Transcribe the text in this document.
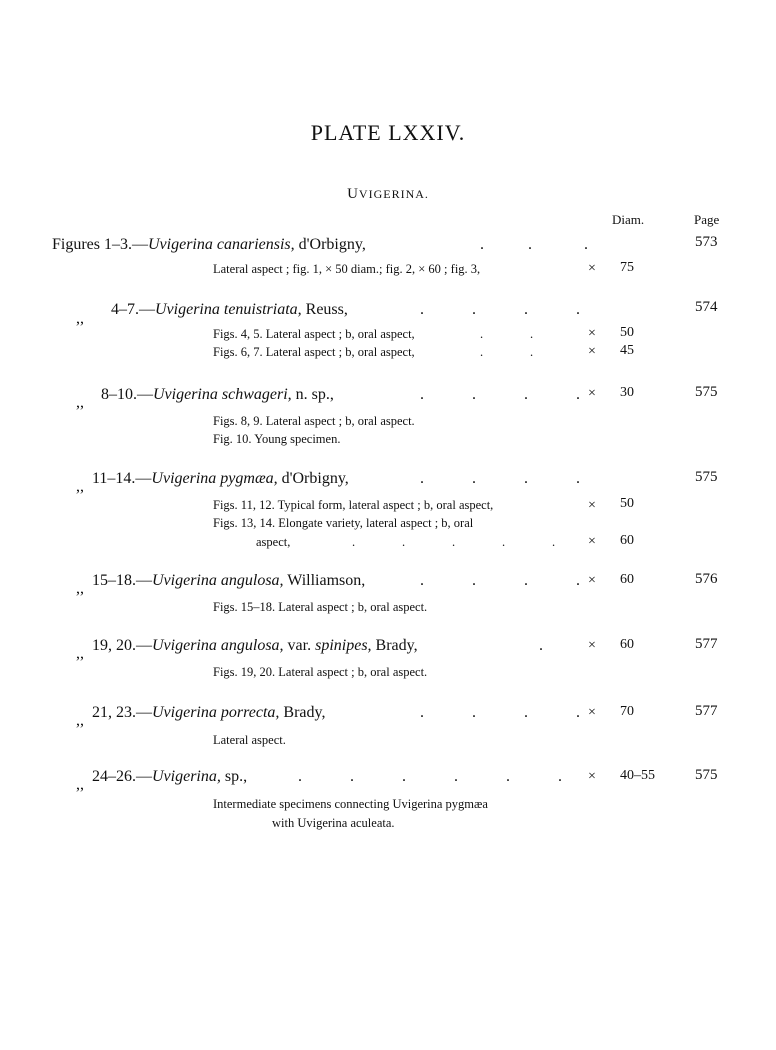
PLATE LXXIV.
UVIGERINA.
Diam.	Page
Figures 1–3.—Uvigerina canariensis, d'Orbigny,	.           .             .	573
Lateral aspect ; fig. 1, × 50 diam.; fig. 2, × 60 ; fig. 3,	× 75
,,
4–7.—Uvigerina tenuistriata, Reuss,	.            .            .            .	574
Figs. 4, 5. Lateral aspect ; b, oral aspect,	.               .	× 50
Figs. 6, 7. Lateral aspect ; b, oral aspect,	.               .	× 45
,, 8–10.—Uvigerina schwageri, n. sp.,	.            .            .            . × 30	575
Figs. 8, 9. Lateral aspect ; b, oral aspect.
Fig. 10. Young specimen.
,, 11–14.—Uvigerina pygmæa, d'Orbigny,	.            .            .            .	575
Figs. 11, 12. Typical form, lateral aspect ; b, oral aspect,	× 50
Figs. 13, 14. Elongate variety, lateral aspect ; b, oral
aspect,	.               .               .               .               . × 60
,, 15–18.—Uvigerina angulosa, Williamson,	.            .            .            . × 60	576
Figs. 15–18. Lateral aspect ; b, oral aspect.
,, 19, 20.—Uvigerina angulosa, var. spinipes, Brady,	.	× 60	577
Figs. 19, 20. Lateral aspect ; b, oral aspect.
,, 21, 23.—Uvigerina porrecta, Brady,	.            .            .            . × 70	577
Lateral aspect.
,, 24–26.—Uvigerina, sp.,	.            .            .            .            .            . × 40–55	575
Intermediate specimens connecting Uvigerina pygmæa
with Uvigerina aculeata.
